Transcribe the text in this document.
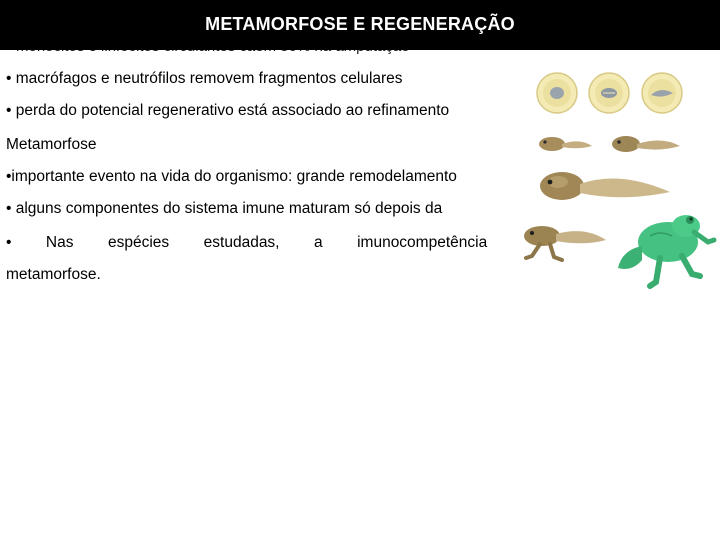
METAMORFOSE E REGENERAÇÃO
• macrófagos e neutrófilos removem fragmentos celulares
• perda do potencial regenerativo está associado ao refinamento
Metamorfose
•importante evento na vida do organismo: grande remodelamento
• alguns componentes do sistema imune maturam só depois da
• Nas espécies estudadas, a imunocompetência
metamorfose.
